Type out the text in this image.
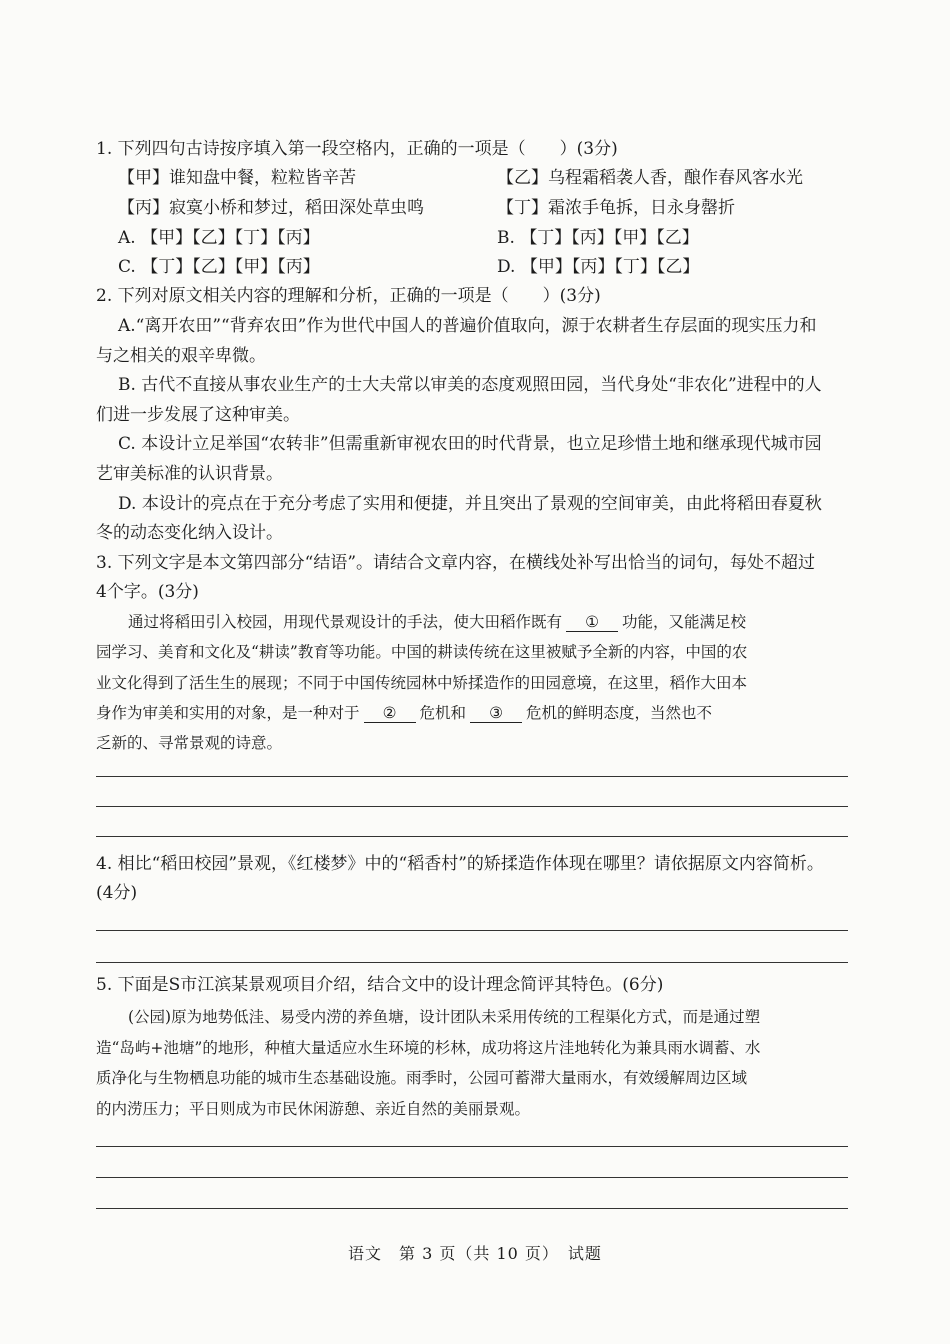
1. 下列四句古诗按序填入第一段空格内，正确的一项是（　　）(3分)
【甲】谁知盘中餐，粒粒皆辛苦	【乙】乌程霜稻袭人香，酿作春风客水光
【丙】寂寞小桥和梦过，稻田深处草虫鸣	【丁】霜浓手龟拆，日永身罄折
A. 【甲】【乙】【丁】【丙】	B. 【丁】【丙】【甲】【乙】
C. 【丁】【乙】【甲】【丙】	D. 【甲】【丙】【丁】【乙】
2. 下列对原文相关内容的理解和分析，正确的一项是（　　）(3分)
A.“离开农田”“背弃农田”作为世代中国人的普遍价值取向，源于农耕者生存层面的现实压力和
与之相关的艰辛卑微。
B. 古代不直接从事农业生产的士大夫常以审美的态度观照田园，当代身处“非农化”进程中的人
们进一步发展了这种审美。
C. 本设计立足举国“农转非”但需重新审视农田的时代背景，也立足珍惜土地和继承现代城市园
艺审美标准的认识背景。
D. 本设计的亮点在于充分考虑了实用和便捷，并且突出了景观的空间审美，由此将稻田春夏秋
冬的动态变化纳入设计。
3. 下列文字是本文第四部分“结语”。请结合文章内容，在横线处补写出恰当的词句，每处不超过
4个字。(3分)
通过将稻田引入校园，用现代景观设计的手法，使大田稻作既有 ① 功能，又能满足校
园学习、美育和文化及“耕读”教育等功能。中国的耕读传统在这里被赋予全新的内容，中国的农
业文化得到了活生生的展现；不同于中国传统园林中矫揉造作的田园意境，在这里，稻作大田本
身作为审美和实用的对象，是一种对于 ② 危机和 ③ 危机的鲜明态度，当然也不
乏新的、寻常景观的诗意。
4. 相比“稻田校园”景观，《红楼梦》中的“稻香村”的矫揉造作体现在哪里？请依据原文内容简析。
(4分)
5. 下面是S市江滨某景观项目介绍，结合文中的设计理念简评其特色。(6分)
(公园)原为地势低洼、易受内涝的养鱼塘，设计团队未采用传统的工程渠化方式，而是通过塑
造“岛屿+池塘”的地形，种植大量适应水生环境的杉林，成功将这片洼地转化为兼具雨水调蓄、水
质净化与生物栖息功能的城市生态基础设施。雨季时，公园可蓄滞大量雨水，有效缓解周边区域
的内涝压力；平日则成为市民休闲游憩、亲近自然的美丽景观。
语文　第 3 页（共 10 页）　试题
